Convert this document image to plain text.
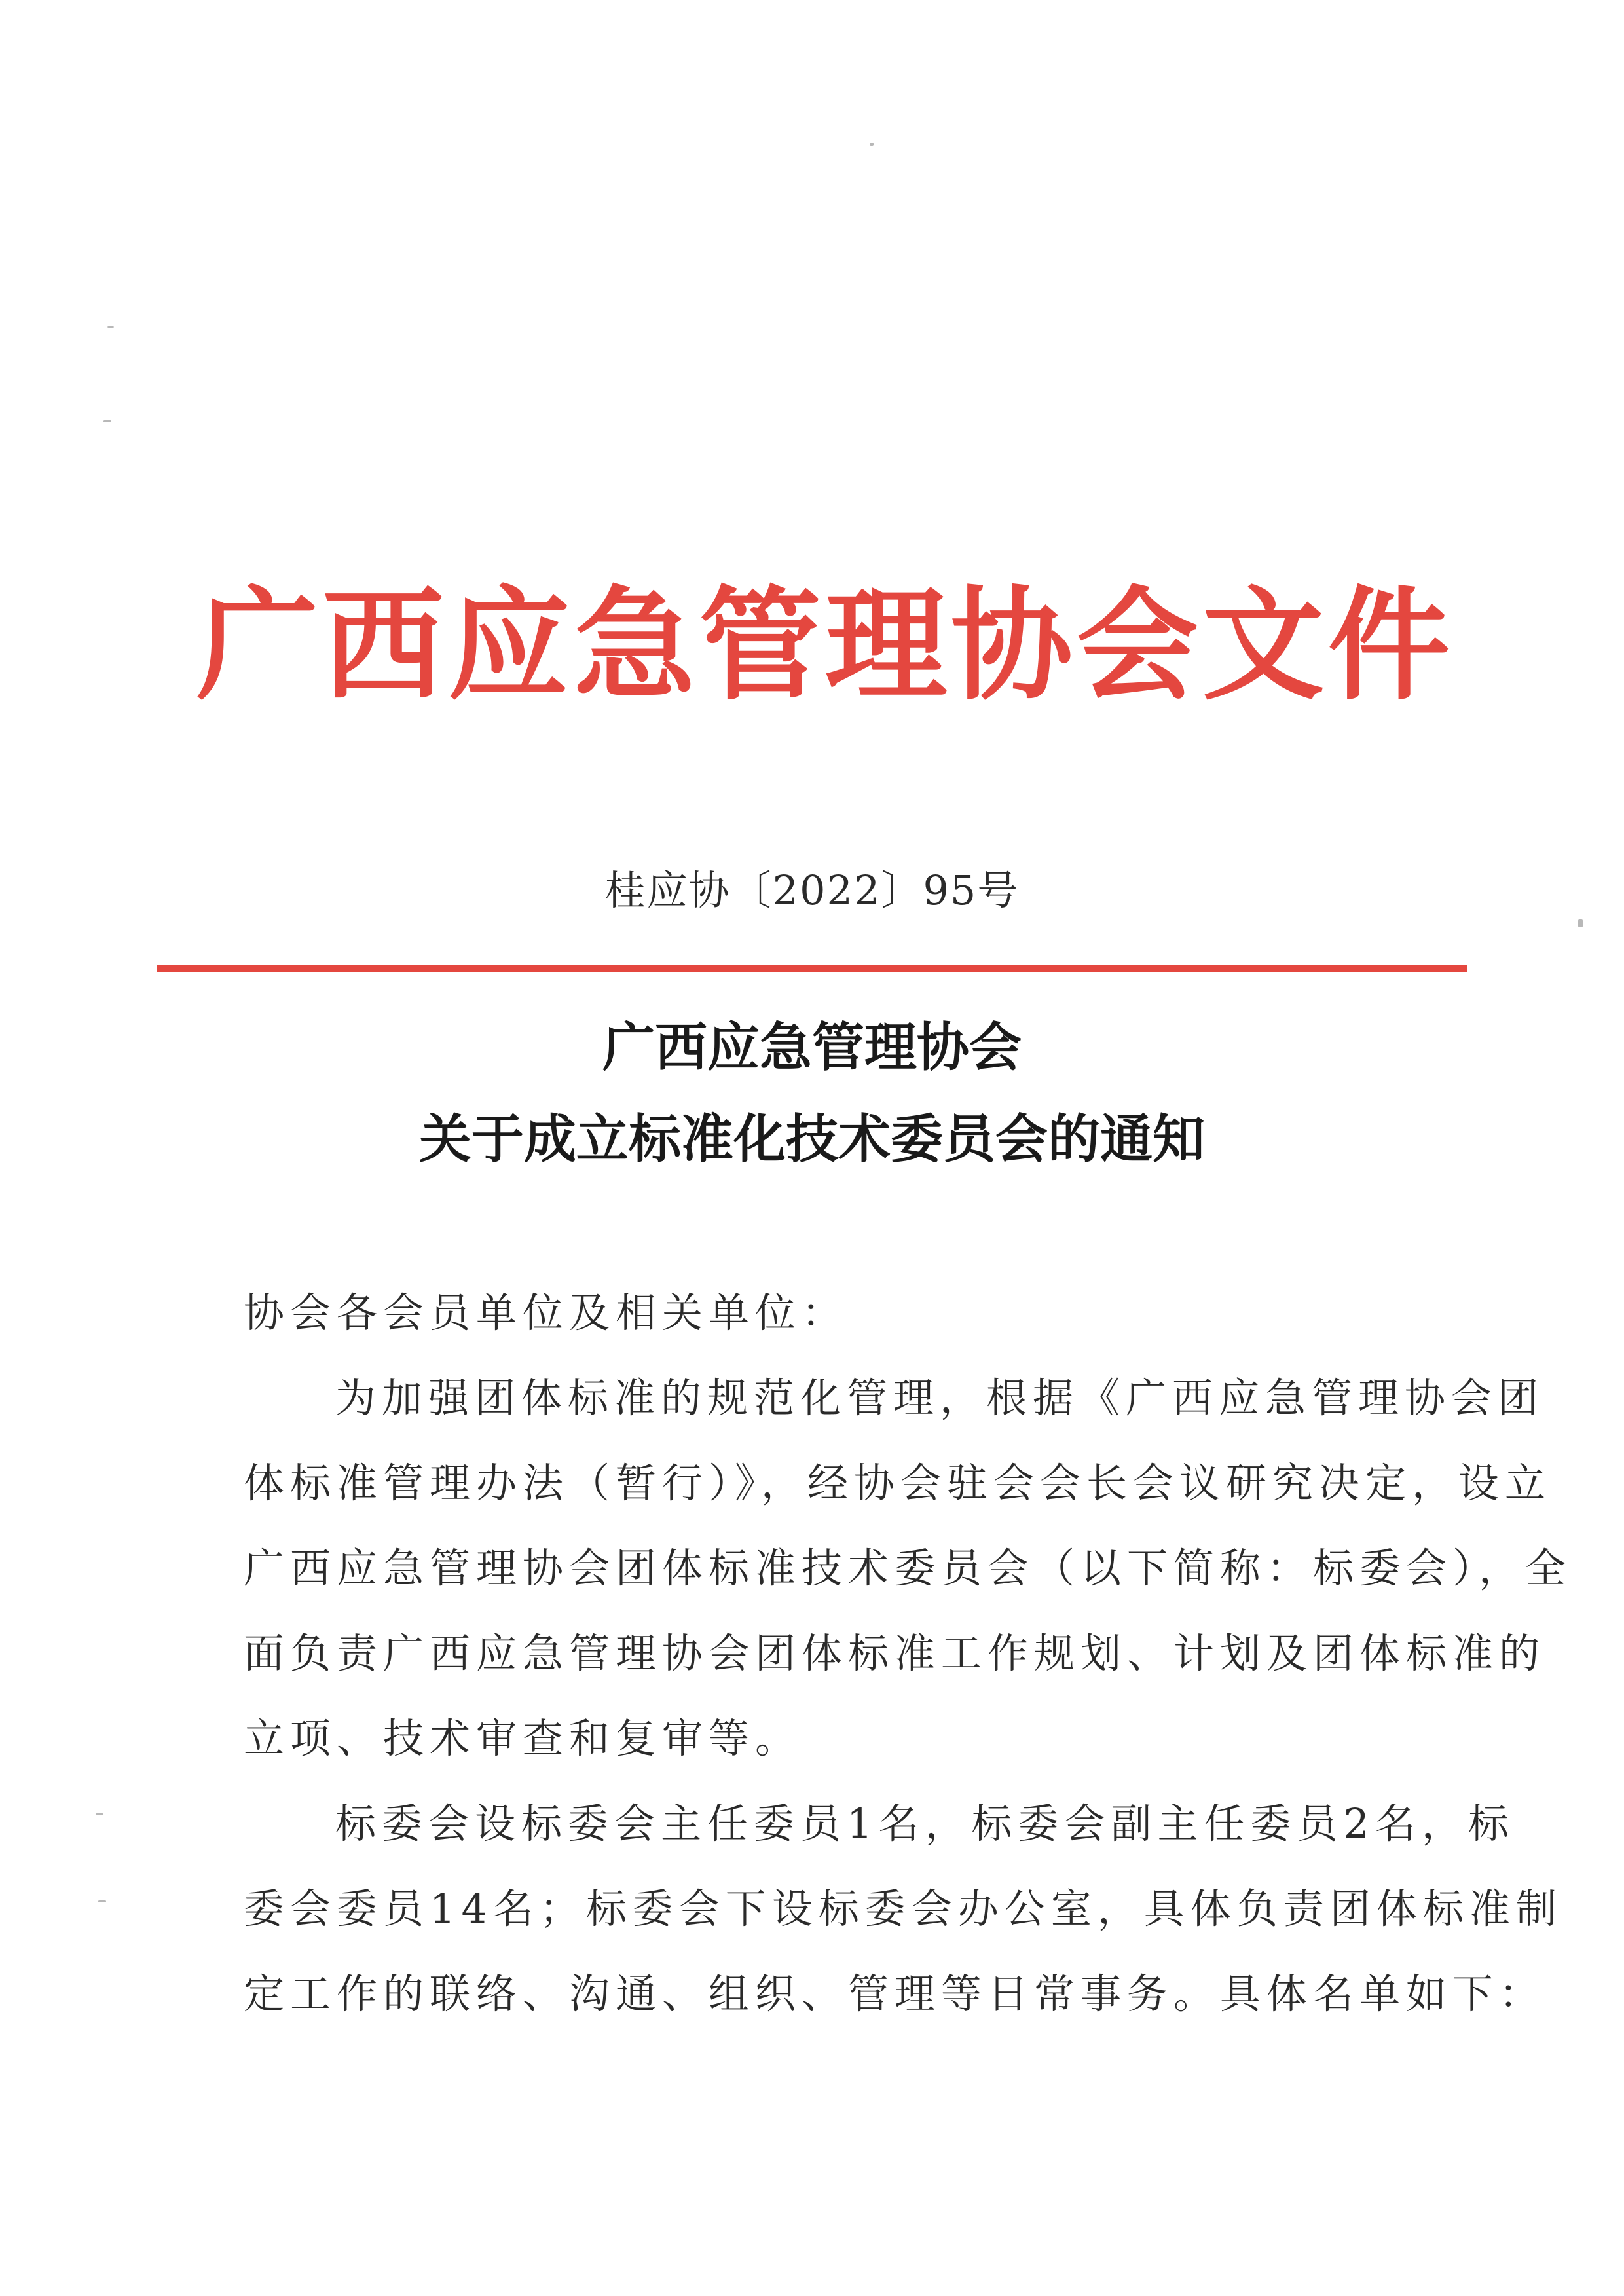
广西应急管理协会文件
桂应协〔2022〕95号
广西应急管理协会
关于成立标准化技术委员会的通知

协会各会员单位及相关单位：

为加强团体标准的规范化管理，根据《广西应急管理协会团

体标准管理办法（暂行）》，经协会驻会会长会议研究决定，设立

广西应急管理协会团体标准技术委员会（以下简称：标委会），全

面负责广西应急管理协会团体标准工作规划、计划及团体标准的

立项、技术审查和复审等。

标委会设标委会主任委员1名，标委会副主任委员2名，标

委会委员14名；标委会下设标委会办公室，具体负责团体标准制

定工作的联络、沟通、组织、管理等日常事务。具体名单如下：
